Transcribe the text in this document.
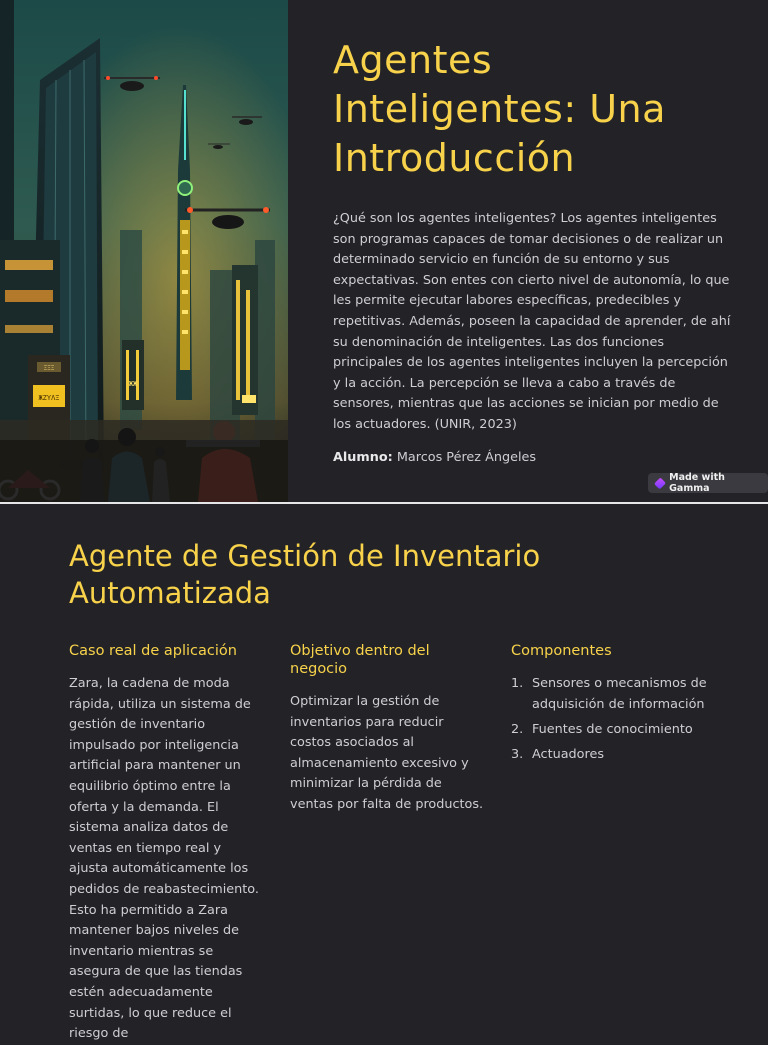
ЖZYΛΞ
ΞΞΞ
ЖЖ
Agentes Inteligentes: Una Introducción

¿Qué son los agentes inteligentes? Los agentes inteligentes son programas capaces de tomar decisiones o de realizar un determinado servicio en función de su entorno y sus expectativas. Son entes con cierto nivel de autonomía, lo que les permite ejecutar labores específicas, predecibles y repetitivas. Además, poseen la capacidad de aprender, de ahí su denominación de inteligentes. Las dos funciones principales de los agentes inteligentes incluyen la percepción y la acción. La percepción se lleva a cabo a través de sensores, mientras que las acciones se inician por medio de los actuadores. (UNIR, 2023)

Alumno: Marcos Pérez Ángeles

Made with Gamma
Agente de Gestión de Inventario Automatizada
Caso real de aplicación

Zara, la cadena de moda rápida, utiliza un sistema de gestión de inventario impulsado por inteligencia artificial para mantener un equilibrio óptimo entre la oferta y la demanda. El sistema analiza datos de ventas en tiempo real y ajusta automáticamente los pedidos de reabastecimiento. Esto ha permitido a Zara mantener bajos niveles de inventario mientras se asegura de que las tiendas estén adecuadamente surtidas, lo que reduce el riesgo de

Objetivo dentro del negocio

Optimizar la gestión de inventarios para reducir costos asociados al almacenamiento excesivo y minimizar la pérdida de ventas por falta de productos.

Componentes
1. Sensores o mecanismos de adquisición de información
2. Fuentes de conocimiento
3. Actuadores
